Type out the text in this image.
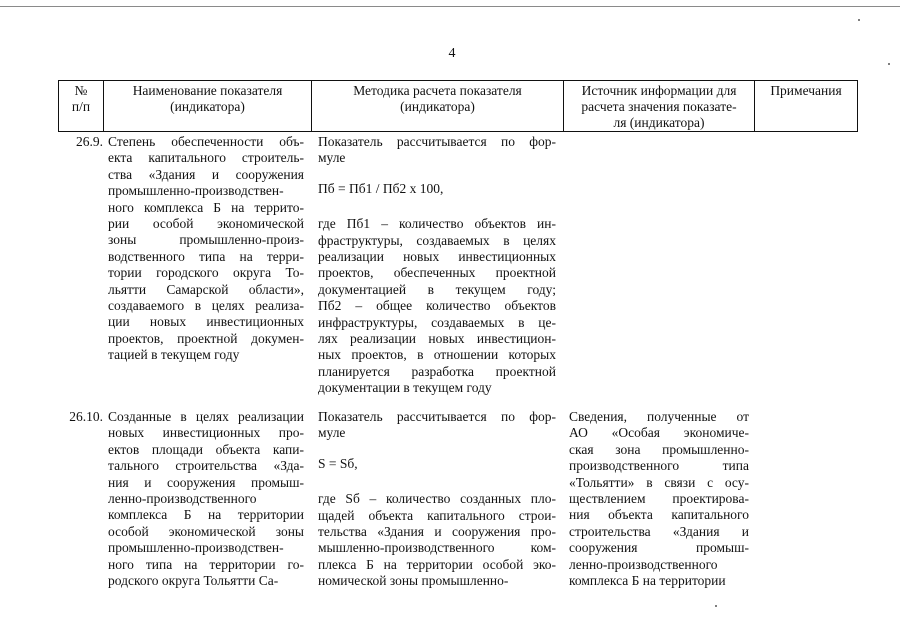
4
№
п/п
Наименование показателя
(индикатора)
Методика расчета показателя
(индикатора)
Источник информации для
расчета значения показате-
ля (индикатора)
Примечания
26.9. Степень обеспеченности объ-
екта капитального строитель-
ства «Здания и сооружения
промышленно-производствен-
ного комплекса Б на террито-
рии особой экономической
зоны промышленно-произ-
водственного типа на терри-
тории городского округа То-
льятти Самарской области»,
создаваемого в целях реализа-
ции новых инвестиционных
проектов, проектной докумен-
тацией в текущем году
Показатель рассчитывается по фор-
муле
Пб = Пб1 / Пб2 х 100,
где Пб1 – количество объектов ин-
фраструктуры, создаваемых в целях
реализации новых инвестиционных
проектов, обеспеченных проектной
документацией в текущем году;
Пб2 – общее количество объектов
инфраструктуры, создаваемых в це-
лях реализации новых инвестицион-
ных проектов, в отношении которых
планируется разработка проектной
документации в текущем году
26.10. Созданные в целях реализации
новых инвестиционных про-
ектов площади объекта капи-
тального строительства «Зда-
ния и сооружения промыш-
ленно-производственного
комплекса Б на территории
особой экономической зоны
промышленно-производствен-
ного типа на территории го-
родского округа Тольятти Са-
Показатель рассчитывается по фор-
муле
S = Sб,
где Sб – количество созданных пло-
щадей объекта капитального строи-
тельства «Здания и сооружения про-
мышленно-производственного ком-
плекса Б на территории особой эко-
номической зоны промышленно-
Сведения, полученные от
АО «Особая экономиче-
ская зона промышленно-
производственного типа
«Тольятти» в связи с осу-
ществлением проектирова-
ния объекта капитального
строительства «Здания и
сооружения промыш-
ленно-производственного
комплекса Б на территории
